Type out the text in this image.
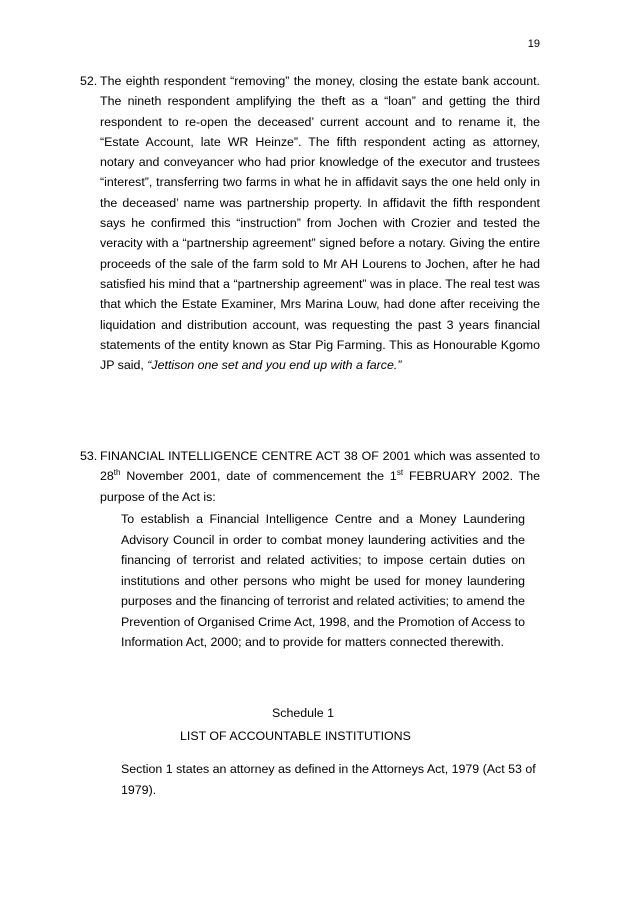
19
52. The eighth respondent “removing” the money, closing the estate bank account. The nineth respondent amplifying the theft as a “loan” and getting the third respondent to re-open the deceased’ current account and to rename it, the “Estate Account, late WR Heinze”. The fifth respondent acting as attorney, notary and conveyancer who had prior knowledge of the executor and trustees “interest”, transferring two farms in what he in affidavit says the one held only in the deceased’ name was partnership property. In affidavit the fifth respondent says he confirmed this “instruction” from Jochen with Crozier and tested the veracity with a “partnership agreement” signed before a notary. Giving the entire proceeds of the sale of the farm sold to Mr AH Lourens to Jochen, after he had satisfied his mind that a “partnership agreement” was in place. The real test was that which the Estate Examiner, Mrs Marina Louw, had done after receiving the liquidation and distribution account, was requesting the past 3 years financial statements of the entity known as Star Pig Farming. This as Honourable Kgomo JP said, “Jettison one set and you end up with a farce.”
53. FINANCIAL INTELLIGENCE CENTRE ACT 38 OF 2001 which was assented to 28th November 2001, date of commencement the 1st FEBRUARY 2002. The purpose of the Act is:
To establish a Financial Intelligence Centre and a Money Laundering Advisory Council in order to combat money laundering activities and the financing of terrorist and related activities; to impose certain duties on institutions and other persons who might be used for money laundering purposes and the financing of terrorist and related activities; to amend the Prevention of Organised Crime Act, 1998, and the Promotion of Access to Information Act, 2000; and to provide for matters connected therewith.
Schedule 1
LIST OF ACCOUNTABLE INSTITUTIONS
Section 1 states an attorney as defined in the Attorneys Act, 1979 (Act 53 of 1979).
